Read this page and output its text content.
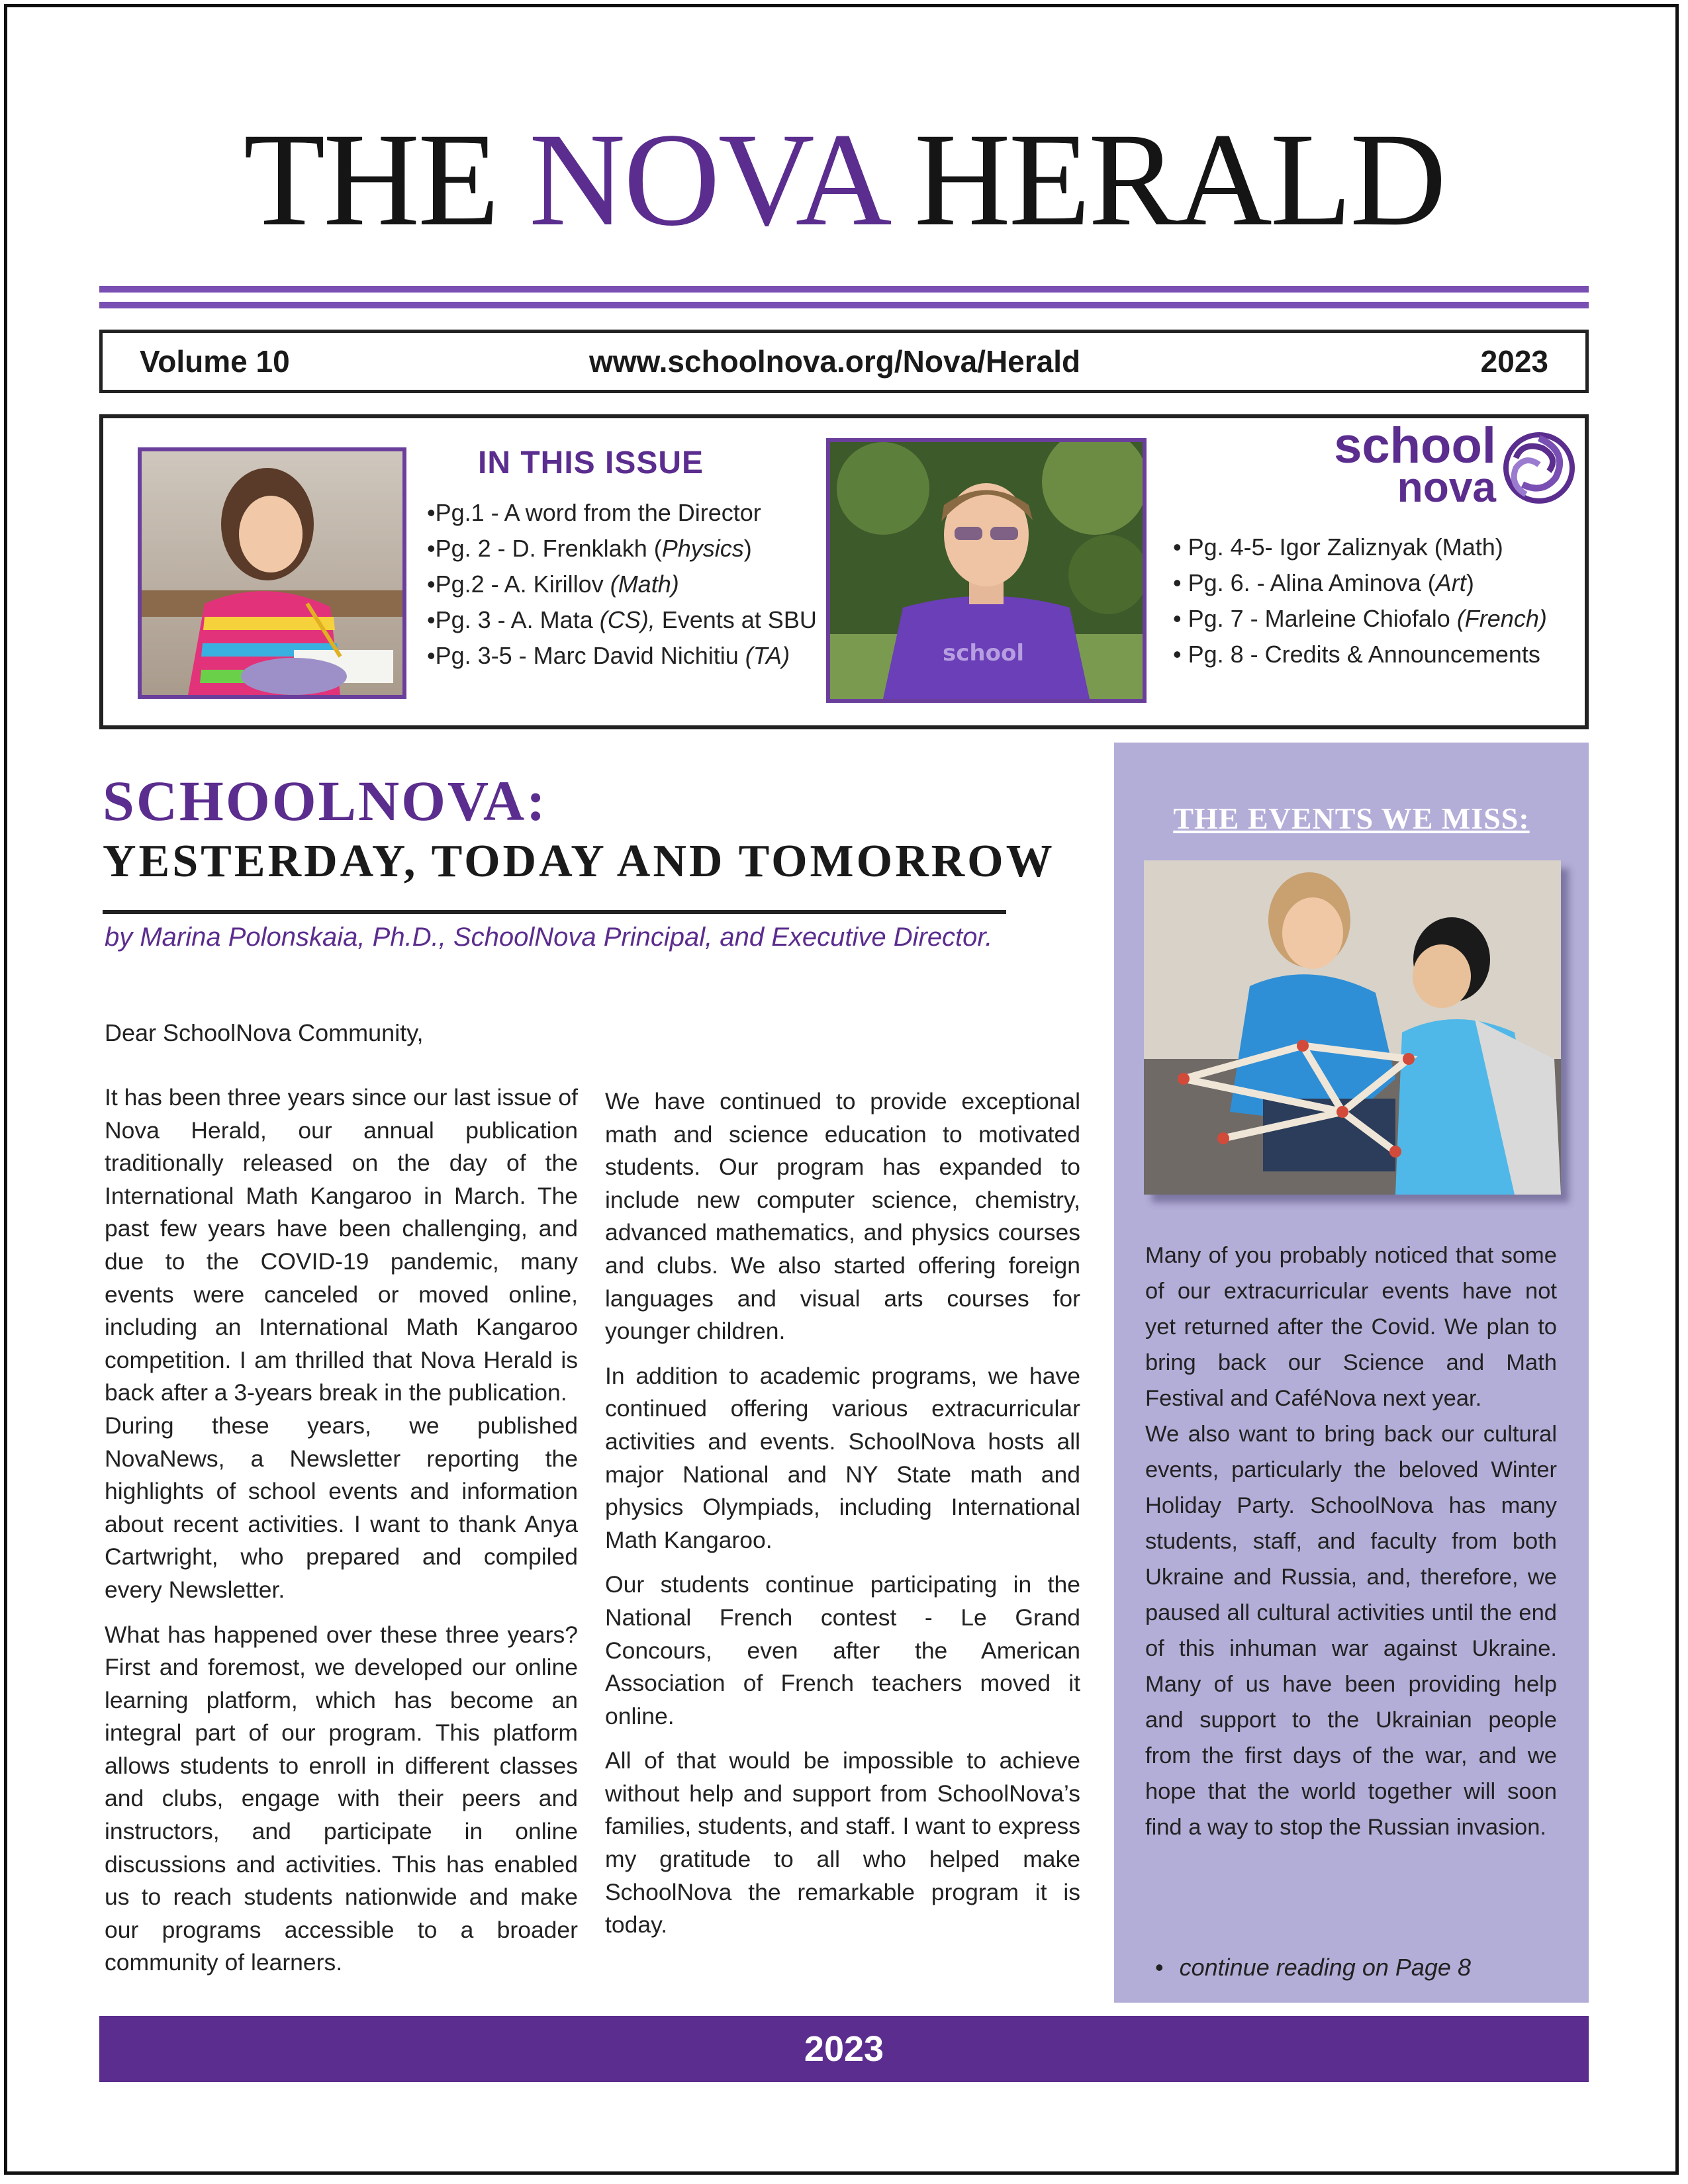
THE NOVA HERALD
Volume 10	www.schoolnova.org/Nova/Herald	2023
IN THIS ISSUE
•Pg.1 - A word from the Director
•Pg. 2 - D. Frenklakh (Physics)
•Pg.2 - A. Kirillov (Math)
•Pg. 3 - A. Mata (CS), Events at SBU
•Pg. 3-5 - Marc David Nichitiu (TA)	school
school
nova
• Pg. 4-5- Igor Zaliznyak (Math)
• Pg. 6. - Alina Aminova (Art)
• Pg. 7 - Marleine Chiofalo (French)
• Pg. 8 - Credits & Announcements
SCHOOLNOVA:
YESTERDAY, TODAY AND TOMORROW
by Marina Polonskaia, Ph.D., SchoolNova Principal, and Executive Director.
Dear SchoolNova Community,

It has been three years since our last issue of Nova Herald, our annual publication traditionally released on the day of the International Math Kangaroo in March. The past few years have been challenging, and due to the COVID-19 pandemic, many events were canceled or moved online, including an International Math Kangaroo competition. I am thrilled that Nova Herald is back after a 3-years break in the publication.

During these years, we published NovaNews, a Newsletter reporting the highlights of school events and information about recent activities. I want to thank Anya Cartwright, who prepared and compiled every Newsletter.

What has happened over these three years? First and foremost, we developed our online learning platform, which has become an integral part of our program. This platform allows students to enroll in different classes and clubs, engage with their peers and instructors, and participate in online discussions and activities. This has enabled us to reach students nationwide and make our programs accessible to a broader community of learners.

We have continued to provide exceptional math and science education to motivated students. Our program has expanded to include new computer science, chemistry, advanced mathematics, and physics courses and clubs. We also started offering foreign languages and visual arts courses for younger children.

In addition to academic programs, we have continued offering various extracurricular activities and events. SchoolNova hosts all major National and NY State math and physics Olympiads, including International Math Kangaroo.

Our students continue participating in the National French contest - Le Grand Concours, even after the American Association of French teachers moved it online.

All of that would be impossible to achieve without help and support from SchoolNova’s families, students, and staff. I want to express my gratitude to all who helped make SchoolNova the remarkable program it is today.

THE EVENTS WE MISS:

Many of you probably noticed that some of our extracurricular events have not yet returned after the Covid. We plan to bring back our Science and Math Festival and CaféNova next year.

We also want to bring back our cultural events, particularly the beloved Winter Holiday Party. SchoolNova has many students, staff, and faculty from both Ukraine and Russia, and, therefore, we paused all cultural activities until the end of this inhuman war against Ukraine. Many of us have been providing help and support to the Ukrainian people from the first days of the war, and we hope that the world together will soon find a way to stop the Russian invasion.

• continue reading on Page 8
2023
